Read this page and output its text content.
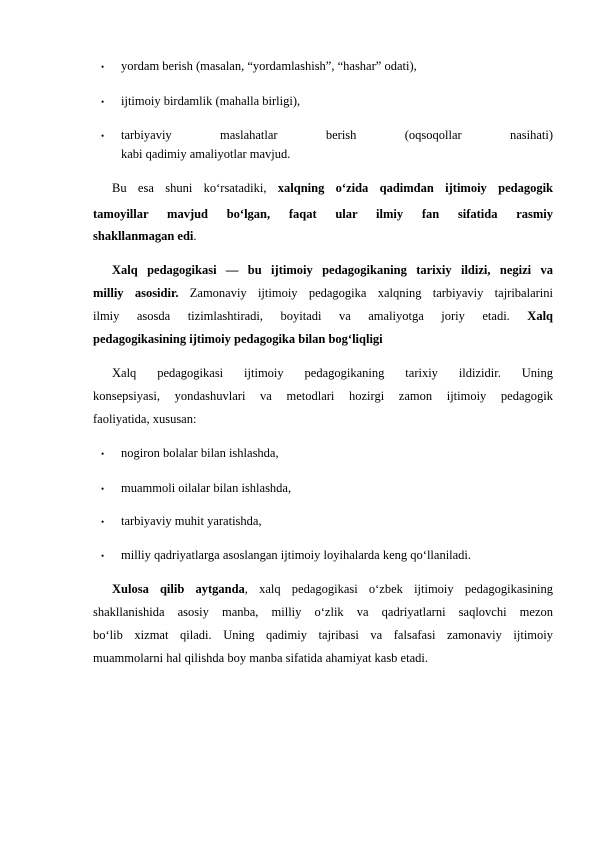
•
yordam berish (masalan, “yordamlashish”, “hashar” odati),
•
ijtimoiy birdamlik (mahalla birligi),
•
tarbiyaviy	maslahatlar	berish	(oqsoqollar	nasihati)
kabi qadimiy amaliyotlar mavjud.
Bu esa shuni ko‘rsatadiki, xalqning o‘zida qadimdan ijtimoiy pedagogik
tamoyillar mavjud bo‘lgan, faqat ular ilmiy fan sifatida rasmiy
shakllanmagan edi.
Xalq pedagogikasi — bu ijtimoiy pedagogikaning tarixiy ildizi, negizi va
milliy asosidir. Zamonaviy ijtimoiy pedagogika xalqning tarbiyaviy tajribalarini
ilmiy asosda tizimlashtiradi, boyitadi va amaliyotga joriy etadi. Xalq
pedagogikasining ijtimoiy pedagogika bilan bog‘liqligi
Xalq pedagogikasi ijtimoiy pedagogikaning tarixiy ildizidir. Uning
konsepsiyasi, yondashuvlari va metodlari hozirgi zamon ijtimoiy pedagogik
faoliyatida, xususan:
•
nogiron bolalar bilan ishlashda,
•
muammoli oilalar bilan ishlashda,
•
tarbiyaviy muhit yaratishda,
•
milliy qadriyatlarga asoslangan ijtimoiy loyihalarda keng qo‘llaniladi.
Xulosa qilib aytganda, xalq pedagogikasi o‘zbek ijtimoiy pedagogikasining
shakllanishida asosiy manba, milliy o‘zlik va qadriyatlarni saqlovchi mezon
bo‘lib xizmat qiladi. Uning qadimiy tajribasi va falsafasi zamonaviy ijtimoiy
muammolarni hal qilishda boy manba sifatida ahamiyat kasb etadi.
